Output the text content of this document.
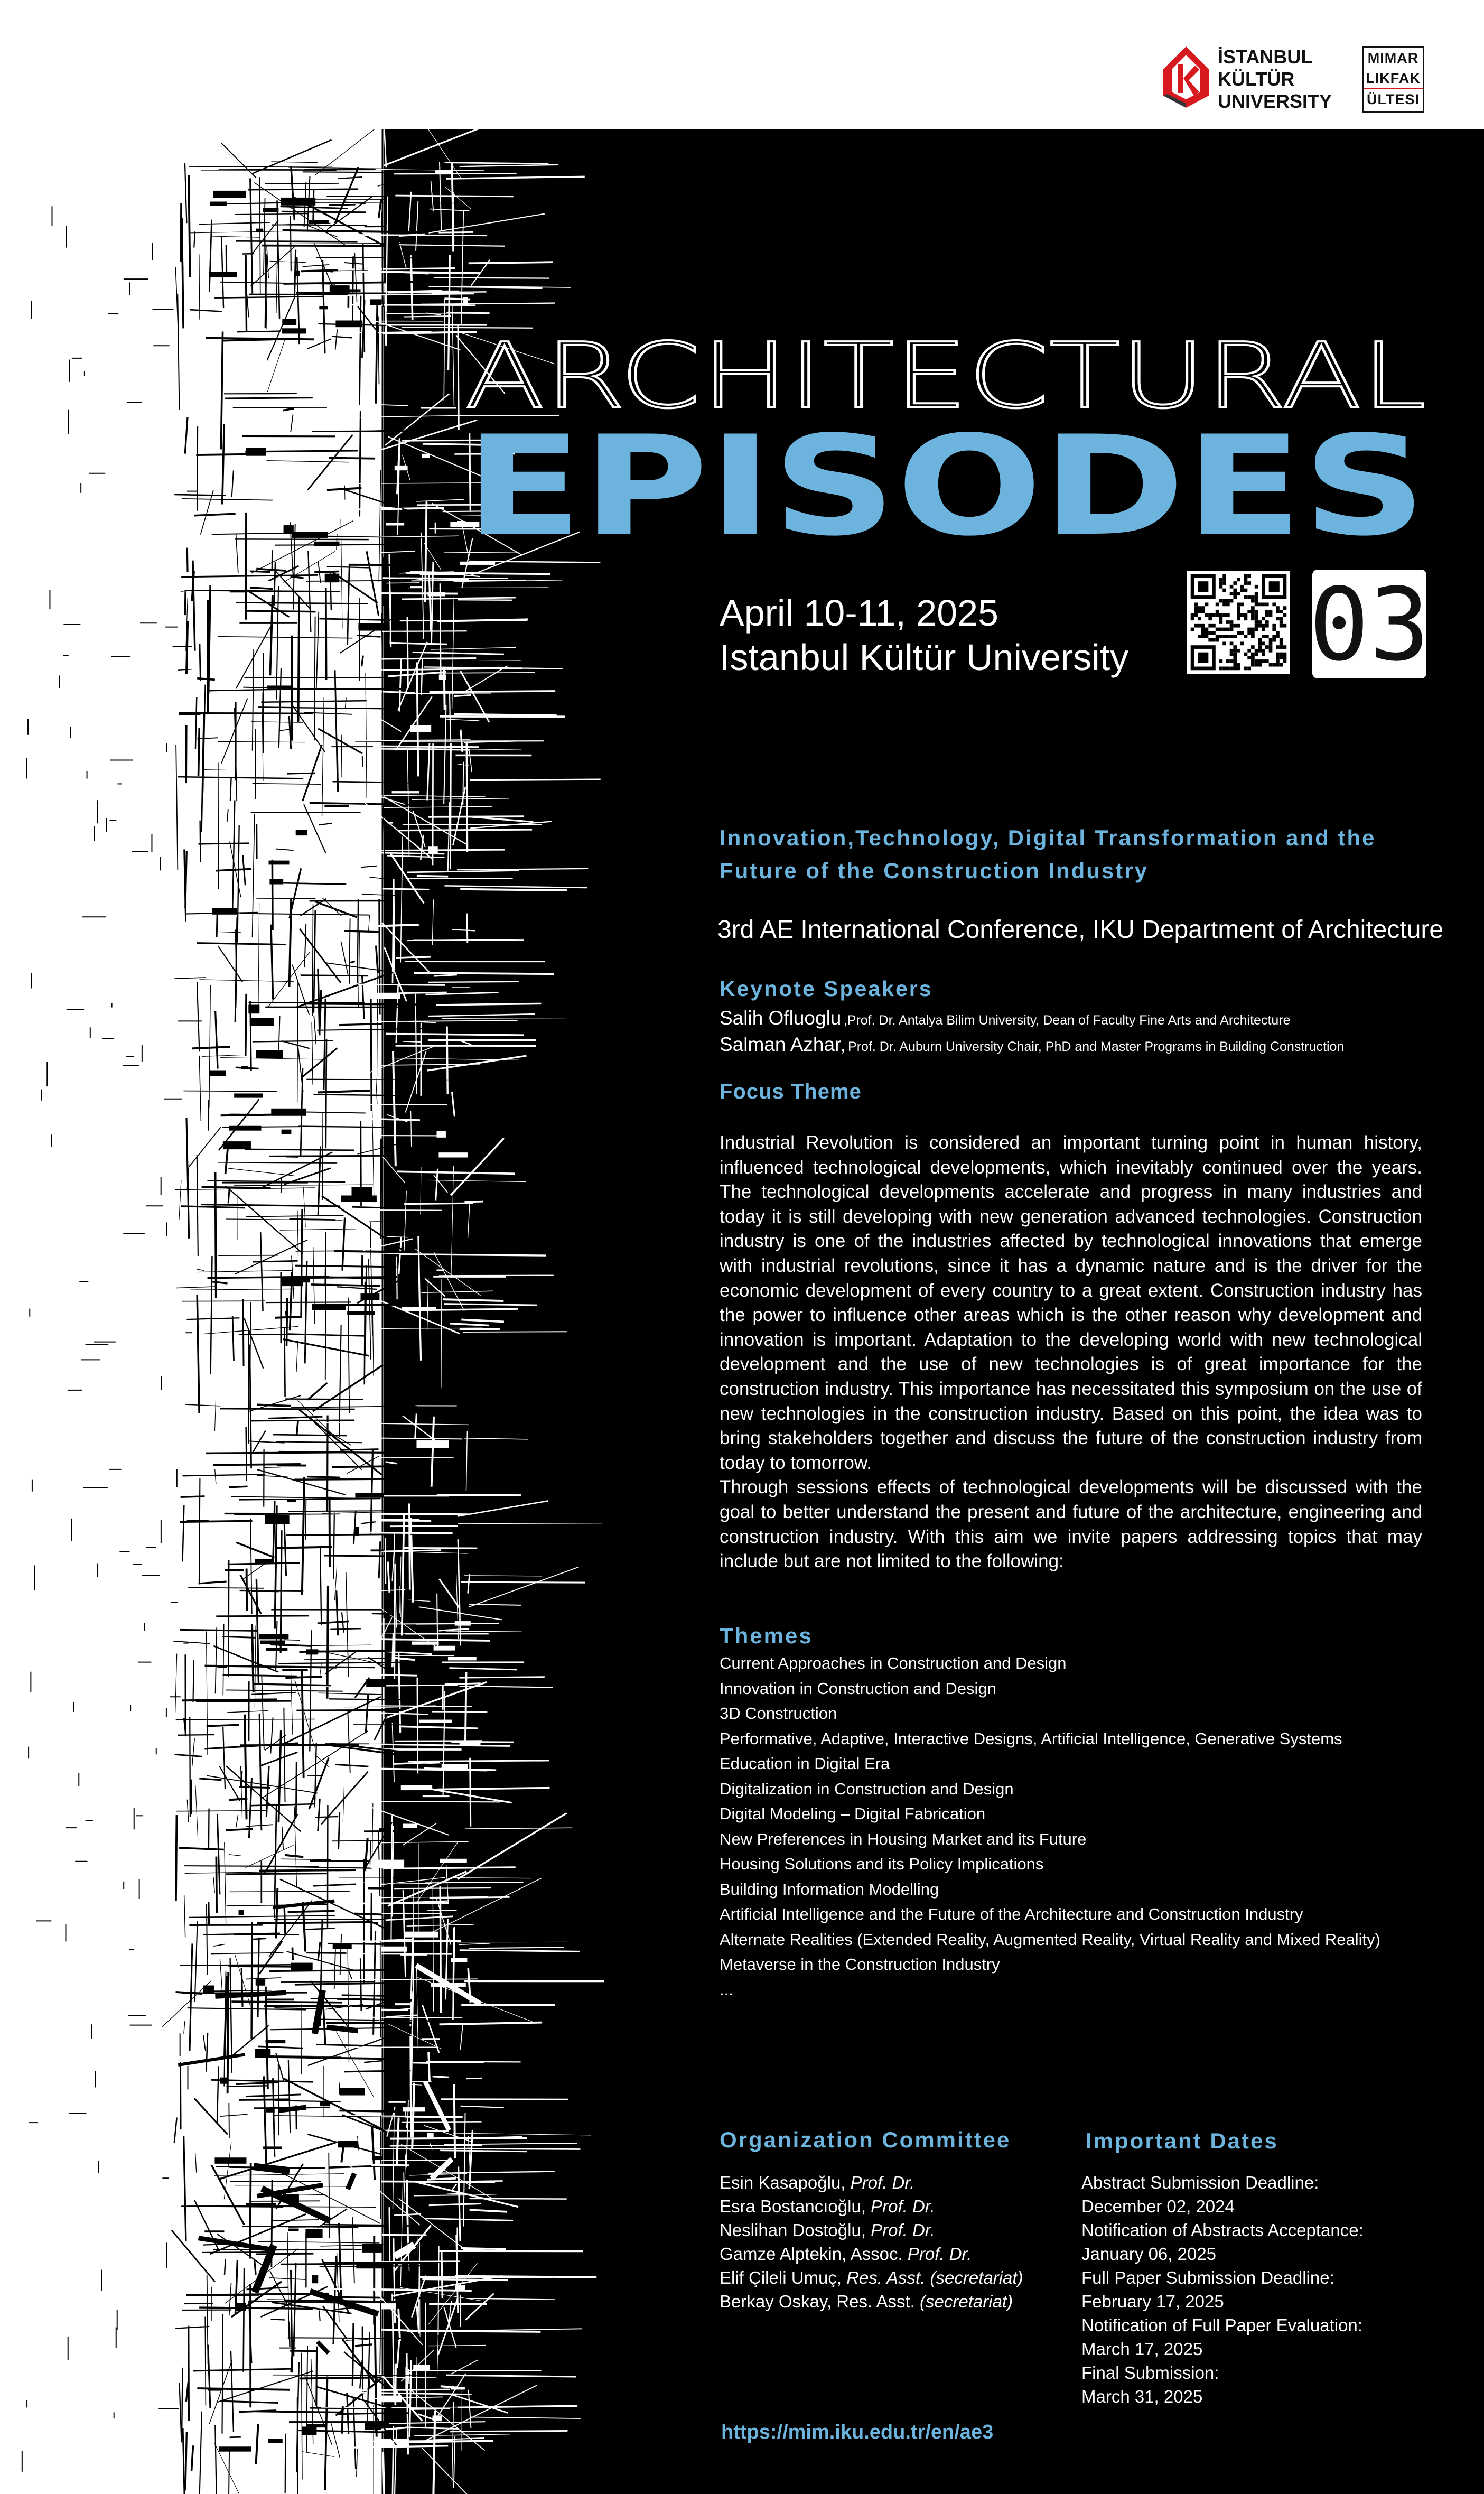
İSTANBUL
KÜLTÜR
UNIVERSITY
MIMAR
LIKFAK
ÜLTESI
ARCHITECTURAL
EPISODES
April 10-11, 2025
Istanbul Kültür University 03
Innovation,Technology, Digital Transformation and the
Future of the Construction Industry
3rd AE International Conference, IKU Department of Architecture
Keynote Speakers
Salih Ofluoglu ,Prof. Dr. Antalya Bilim University, Dean of Faculty Fine Arts and Architecture
Salman Azhar, Prof. Dr. Auburn University Chair, PhD and Master Programs in Building Construction
Focus Theme
Industrial Revolution is considered an important turning point in human history, influenced technological developments, which inevitably continued over the years. The technological developments accelerate and progress in many industries and today it is still developing with new generation advanced technologies. Construction industry is one of the industries affected by technological innovations that emerge with industrial revolutions, since it has a dynamic nature and is the driver for the economic development of every country to a great extent. Construction industry has the power to influence other areas which is the other reason why development and innovation is important. Adaptation to the developing world with new technological development and the use of new technologies is of great importance for the construction industry. This importance has necessitated this symposium on the use of new technologies in the construction industry. Based on this point, the idea was to bring stakeholders together and discuss the future of the construction industry from today to tomorrow.
Through sessions effects of technological developments will be discussed with the goal to better understand the present and future of the architecture, engineering and construction industry. With this aim we invite papers addressing topics that may include but are not limited to the following:
Themes
Current Approaches in Construction and Design
Innovation in Construction and Design
3D Construction
Performative, Adaptive, Interactive Designs, Artificial Intelligence, Generative Systems
Education in Digital Era
Digitalization in Construction and Design
Digital Modeling – Digital Fabrication
New Preferences in Housing Market and its Future
Housing Solutions and its Policy Implications
Building Information Modelling
Artificial Intelligence and the Future of the Architecture and Construction Industry
Alternate Realities (Extended Reality, Augmented Reality, Virtual Reality and Mixed Reality)
Metaverse in the Construction Industry
...
Organization Committee
Esin Kasapoğlu, Prof. Dr.
Esra Bostancıoğlu, Prof. Dr.
Neslihan Dostoğlu, Prof. Dr.
Gamze Alptekin, Assoc. Prof. Dr.
Elif Çileli Umuç, Res. Asst. (secretariat)
Berkay Oskay, Res. Asst. (secretariat)
Important Dates
Abstract Submission Deadline:
December 02, 2024
Notification of Abstracts Acceptance:
January 06, 2025
Full Paper Submission Deadline:
February 17, 2025
Notification of Full Paper Evaluation:
March 17, 2025
Final Submission:
March 31, 2025
https://mim.iku.edu.tr/en/ae3
